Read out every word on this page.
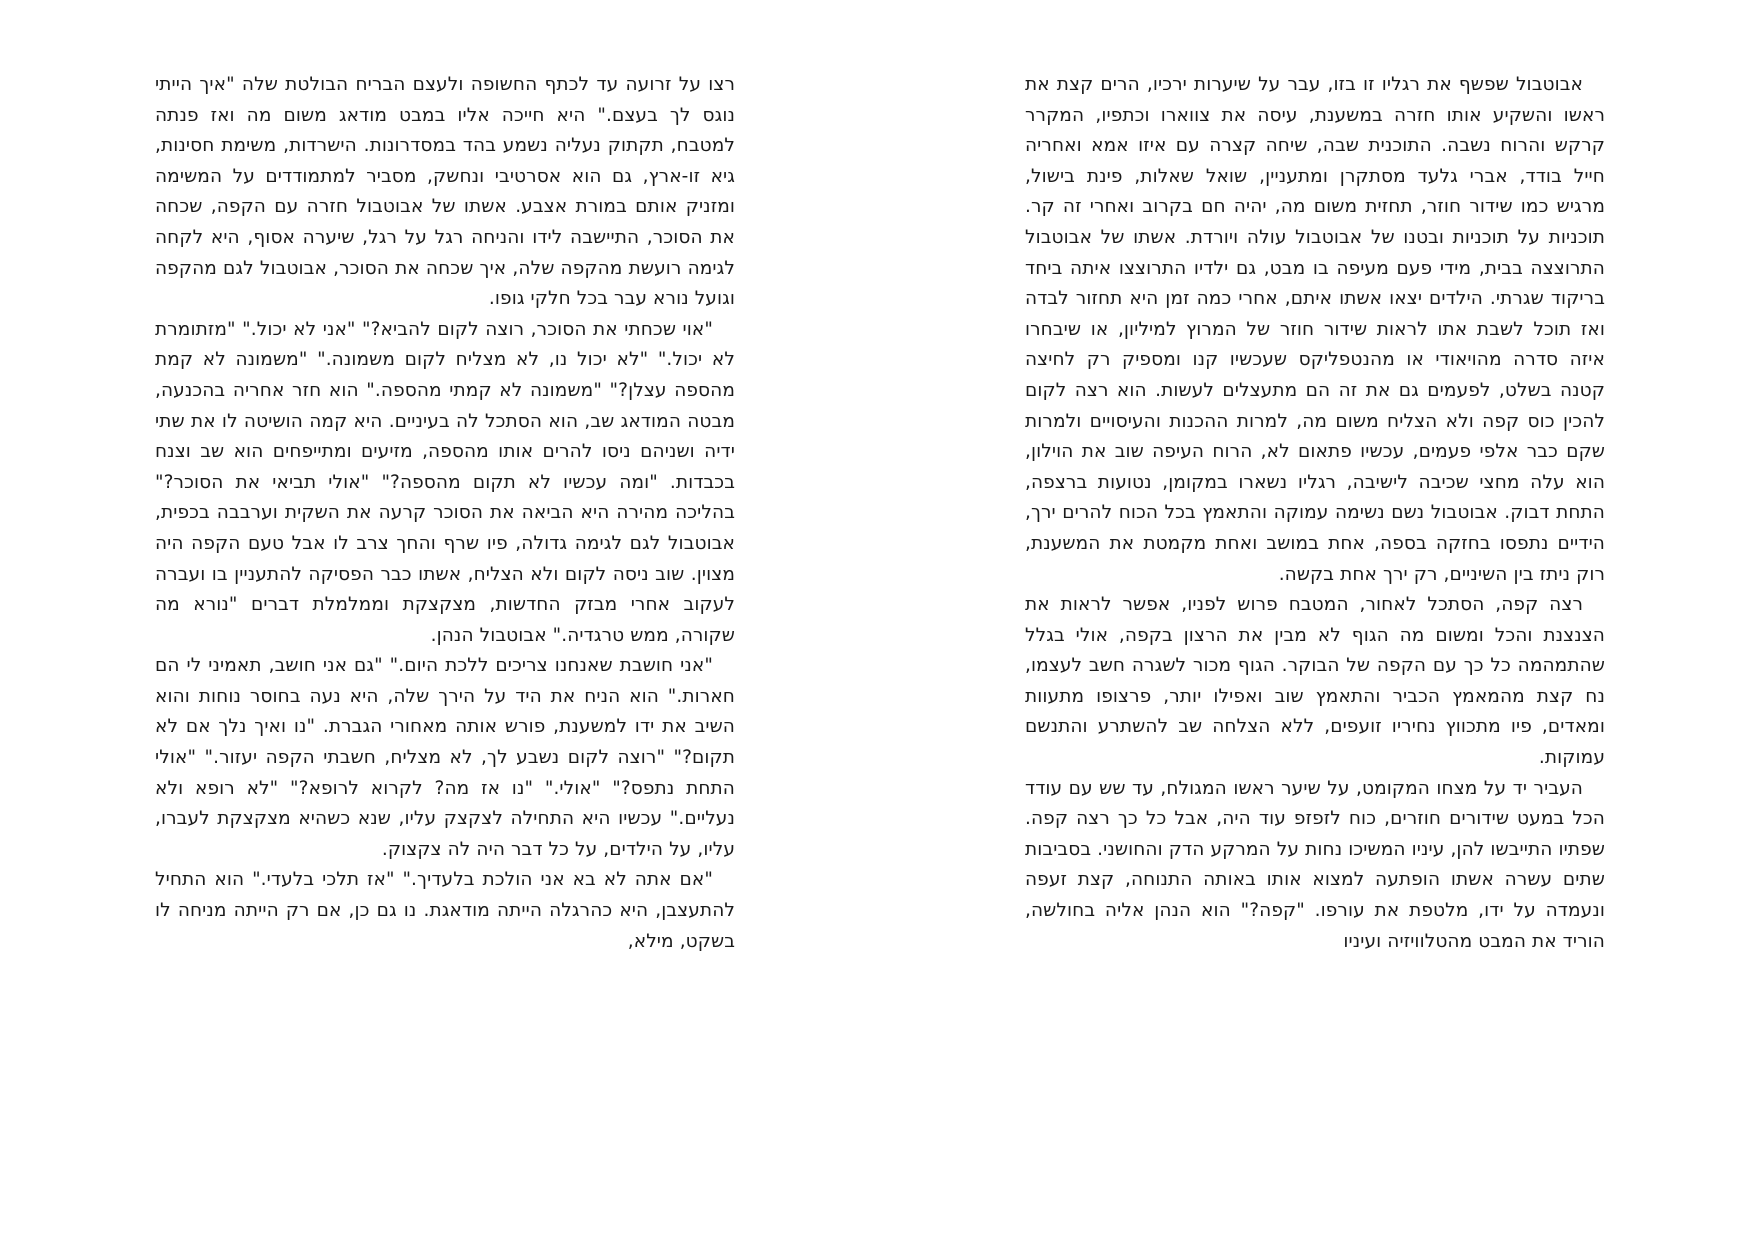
אבוטבול שפשף את רגליו זו בזו, עבר על שיערות ירכיו, הרים קצת את ראשו והשקיע אותו חזרה במשענת, עיסה את צווארו וכתפיו, המקרר קרקש והרוח נשבה. התוכנית שבה, שיחה קצרה עם איזו אמא ואחריה חייל בודד, אברי גלעד מסתקרן ומתעניין, שואל שאלות, פינת בישול, מרגיש כמו שידור חוזר, תחזית משום מה, יהיה חם בקרוב ואחרי זה קר. תוכניות על תוכניות ובטנו של אבוטבול עולה ויורדת. אשתו של אבוטבול התרוצצה בבית, מידי פעם מעיפה בו מבט, גם ילדיו התרוצצו איתה ביחד בריקוד שגרתי. הילדים יצאו אשתו איתם, אחרי כמה זמן היא תחזור לבדה ואז תוכל לשבת אתו לראות שידור חוזר של המרוץ למיליון, או שיבחרו איזה סדרה מהויאודי או מהנטפליקס שעכשיו קנו ומספיק רק לחיצה קטנה בשלט, לפעמים גם את זה הם מתעצלים לעשות. הוא רצה לקום להכין כוס קפה ולא הצליח משום מה, למרות ההכנות והעיסויים ולמרות שקם כבר אלפי פעמים, עכשיו פתאום לא, הרוח העיפה שוב את הוילון, הוא עלה מחצי שכיבה לישיבה, רגליו נשארו במקומן, נטועות ברצפה, התחת דבוק. אבוטבול נשם נשימה עמוקה והתאמץ בכל הכוח להרים ירך, הידיים נתפסו בחזקה בספה, אחת במושב ואחת מקמטת את המשענת, רוק ניתז בין השיניים, רק ירך אחת בקשה.

רצה קפה, הסתכל לאחור, המטבח פרוש לפניו, אפשר לראות את הצנצנת והכל ומשום מה הגוף לא מבין את הרצון בקפה, אולי בגלל שהתמהמה כל כך עם הקפה של הבוקר. הגוף מכור לשגרה חשב לעצמו, נח קצת מהמאמץ הכביר והתאמץ שוב ואפילו יותר, פרצופו מתעוות ומאדים, פיו מתכווץ נחיריו זועפים, ללא הצלחה שב להשתרע והתנשם עמוקות.

העביר יד על מצחו המקומט, על שיער ראשו המגולח, עד שש עם עודד הכל במעט שידורים חוזרים, כוח לזפזפ עוד היה, אבל כל כך רצה קפה. שפתיו התייבשו להן, עיניו המשיכו נחות על המרקע הדק והחושני. בסביבות שתים עשרה אשתו הופתעה למצוא אותו באותה התנוחה, קצת זעפה ונעמדה על ידו, מלטפת את עורפו. "קפה?" הוא הנהן אליה בחולשה, הוריד את המבט מהטלוויזיה ועיניו

רצו על זרועה עד לכתף החשופה ולעצם הבריח הבולטת שלה "איך הייתי נוגס לך בעצם." היא חייכה אליו במבט מודאג משום מה ואז פנתה למטבח, תקתוק נעליה נשמע בהד במסדרונות. הישרדות, משימת חסינות, גיא זו-ארץ, גם הוא אסרטיבי ונחשק, מסביר למתמודדים על המשימה ומזניק אותם במורת אצבע. אשתו של אבוטבול חזרה עם הקפה, שכחה את הסוכר, התיישבה לידו והניחה רגל על רגל, שיערה אסוף, היא לקחה לגימה רועשת מהקפה שלה, איך שכחה את הסוכר, אבוטבול לגם מהקפה וגועל נורא עבר בכל חלקי גופו.

"אוי שכחתי את הסוכר, רוצה לקום להביא?" "אני לא יכול." "מזתומרת לא יכול." "לא יכול נו, לא מצליח לקום משמונה." "משמונה לא קמת מהספה עצלן?" "משמונה לא קמתי מהספה." הוא חזר אחריה בהכנעה, מבטה המודאג שב, הוא הסתכל לה בעיניים. היא קמה הושיטה לו את שתי ידיה ושניהם ניסו להרים אותו מהספה, מזיעים ומתייפחים הוא שב וצנח בכבדות. "ומה עכשיו לא תקום מהספה?" "אולי תביאי את הסוכר?" בהליכה מהירה היא הביאה את הסוכר קרעה את השקית וערבבה בכפית, אבוטבול לגם לגימה גדולה, פיו שרף והחך צרב לו אבל טעם הקפה היה מצוין. שוב ניסה לקום ולא הצליח, אשתו כבר הפסיקה להתעניין בו ועברה לעקוב אחרי מבזק החדשות, מצקצקת וממלמלת דברים "נורא מה שקורה, ממש טרגדיה." אבוטבול הנהן.

"אני חושבת שאנחנו צריכים ללכת היום." "גם אני חושב, תאמיני לי הם חארות." הוא הניח את היד על הירך שלה, היא נעה בחוסר נוחות והוא השיב את ידו למשענת, פורש אותה מאחורי הגברת. "נו ואיך נלך אם לא תקום?" "רוצה לקום נשבע לך, לא מצליח, חשבתי הקפה יעזור." "אולי התחת נתפס?" "אולי." "נו אז מה? לקרוא לרופא?" "לא רופא ולא נעליים." עכשיו היא התחילה לצקצק עליו, שנא כשהיא מצקצקת לעברו, עליו, על הילדים, על כל דבר היה לה צקצוק.

"אם אתה לא בא אני הולכת בלעדיך." "אז תלכי בלעדי." הוא התחיל להתעצבן, היא כהרגלה הייתה מודאגת. נו גם כן, אם רק הייתה מניחה לו בשקט, מילא,
